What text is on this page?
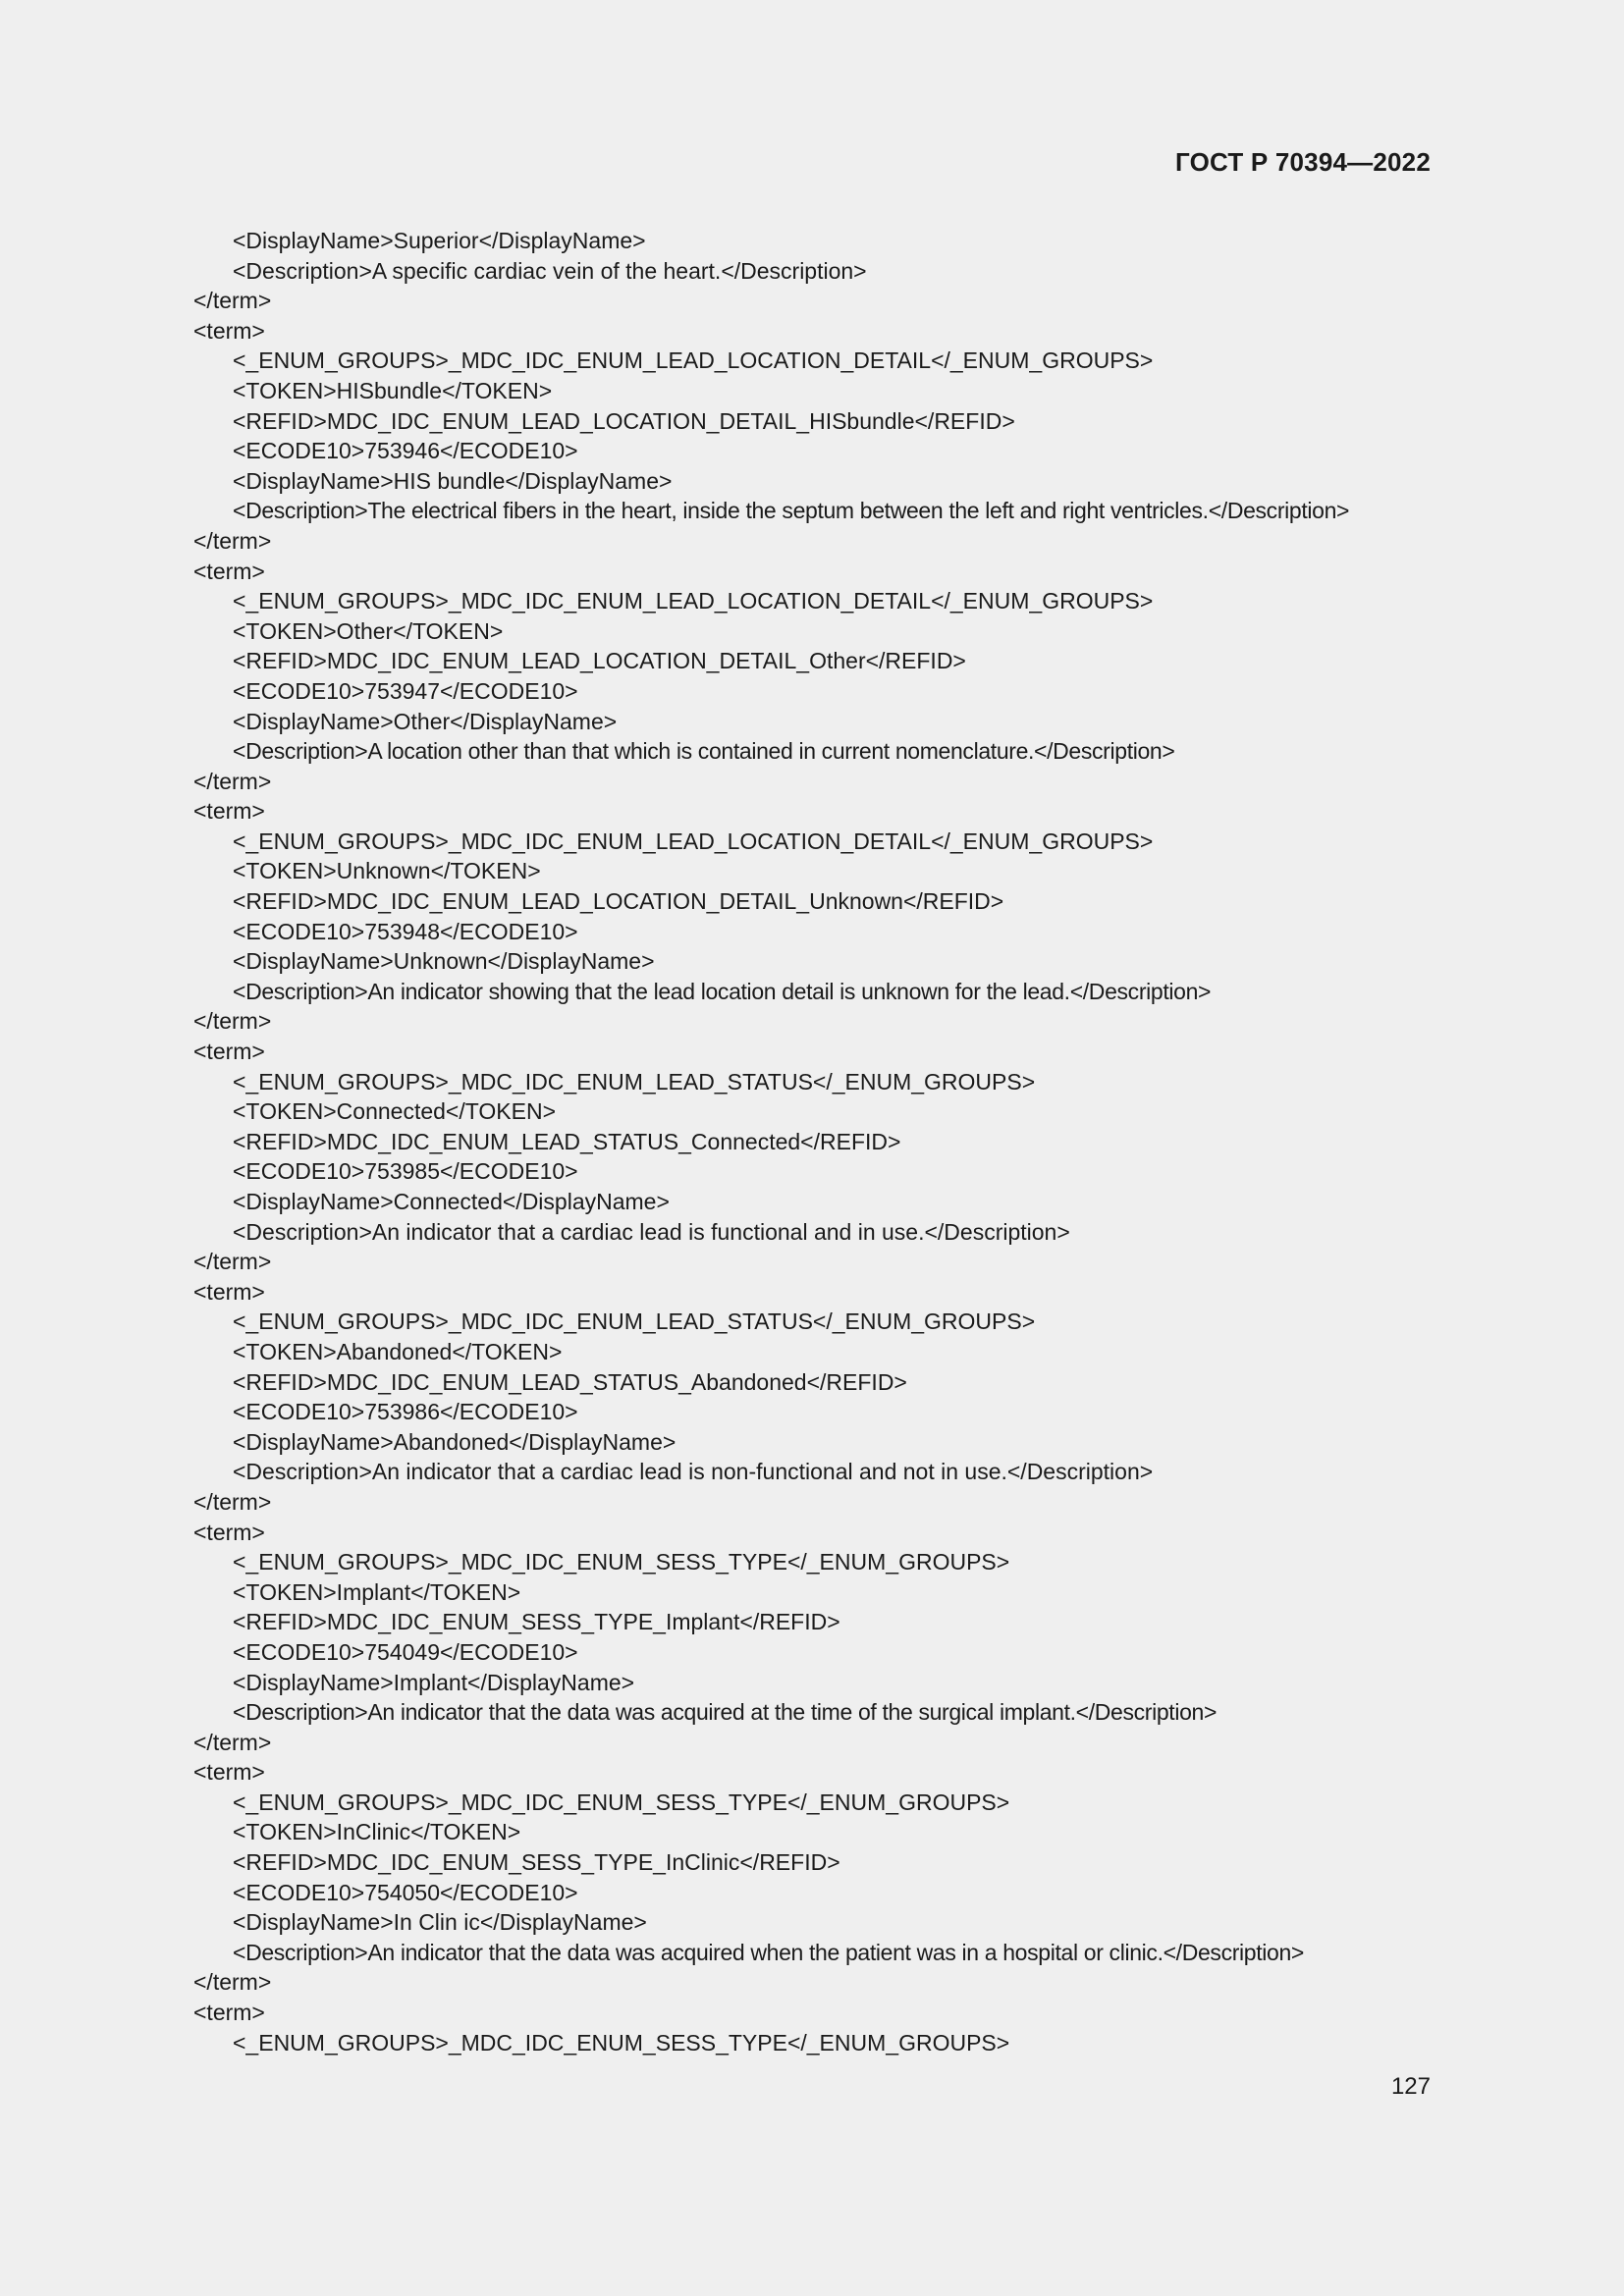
ГОСТ Р 70394—2022
<DisplayName>Superior</DisplayName>
<Description>A specific cardiac vein of the heart.</Description>
</term>
<term>
<_ENUM_GROUPS>_MDC_IDC_ENUM_LEAD_LOCATION_DETAIL</_ENUM_GROUPS>
<TOKEN>HISbundle</TOKEN>
<REFID>MDC_IDC_ENUM_LEAD_LOCATION_DETAIL_HISbundle</REFID>
<ECODE10>753946</ECODE10>
<DisplayName>HIS bundle</DisplayName>
<Description>The electrical fibers in the heart, inside the septum between the left and right ventricles.</Description>
</term>
<term>
<_ENUM_GROUPS>_MDC_IDC_ENUM_LEAD_LOCATION_DETAIL</_ENUM_GROUPS>
<TOKEN>Other</TOKEN>
<REFID>MDC_IDC_ENUM_LEAD_LOCATION_DETAIL_Other</REFID>
<ECODE10>753947</ECODE10>
<DisplayName>Other</DisplayName>
<Description>A location other than that which is contained in current nomenclature.</Description>
</term>
<term>
<_ENUM_GROUPS>_MDC_IDC_ENUM_LEAD_LOCATION_DETAIL</_ENUM_GROUPS>
<TOKEN>Unknown</TOKEN>
<REFID>MDC_IDC_ENUM_LEAD_LOCATION_DETAIL_Unknown</REFID>
<ECODE10>753948</ECODE10>
<DisplayName>Unknown</DisplayName>
<Description>An indicator showing that the lead location detail is unknown for the lead.</Description>
</term>
<term>
<_ENUM_GROUPS>_MDC_IDC_ENUM_LEAD_STATUS</_ENUM_GROUPS>
<TOKEN>Connected</TOKEN>
<REFID>MDC_IDC_ENUM_LEAD_STATUS_Connected</REFID>
<ECODE10>753985</ECODE10>
<DisplayName>Connected</DisplayName>
<Description>An indicator that a cardiac lead is functional and in use.</Description>
</term>
<term>
<_ENUM_GROUPS>_MDC_IDC_ENUM_LEAD_STATUS</_ENUM_GROUPS>
<TOKEN>Abandoned</TOKEN>
<REFID>MDC_IDC_ENUM_LEAD_STATUS_Abandoned</REFID>
<ECODE10>753986</ECODE10>
<DisplayName>Abandoned</DisplayName>
<Description>An indicator that a cardiac lead is non-functional and not in use.</Description>
</term>
<term>
<_ENUM_GROUPS>_MDC_IDC_ENUM_SESS_TYPE</_ENUM_GROUPS>
<TOKEN>Implant</TOKEN>
<REFID>MDC_IDC_ENUM_SESS_TYPE_Implant</REFID>
<ECODE10>754049</ECODE10>
<DisplayName>Implant</DisplayName>
<Description>An indicator that the data was acquired at the time of the surgical implant.</Description>
</term>
<term>
<_ENUM_GROUPS>_MDC_IDC_ENUM_SESS_TYPE</_ENUM_GROUPS>
<TOKEN>InClinic</TOKEN>
<REFID>MDC_IDC_ENUM_SESS_TYPE_InClinic</REFID>
<ECODE10>754050</ECODE10>
<DisplayName>In Clin ic</DisplayName>
<Description>An indicator that the data was acquired when the patient was in a hospital or clinic.</Description>
</term>
<term>
<_ENUM_GROUPS>_MDC_IDC_ENUM_SESS_TYPE</_ENUM_GROUPS>
127
